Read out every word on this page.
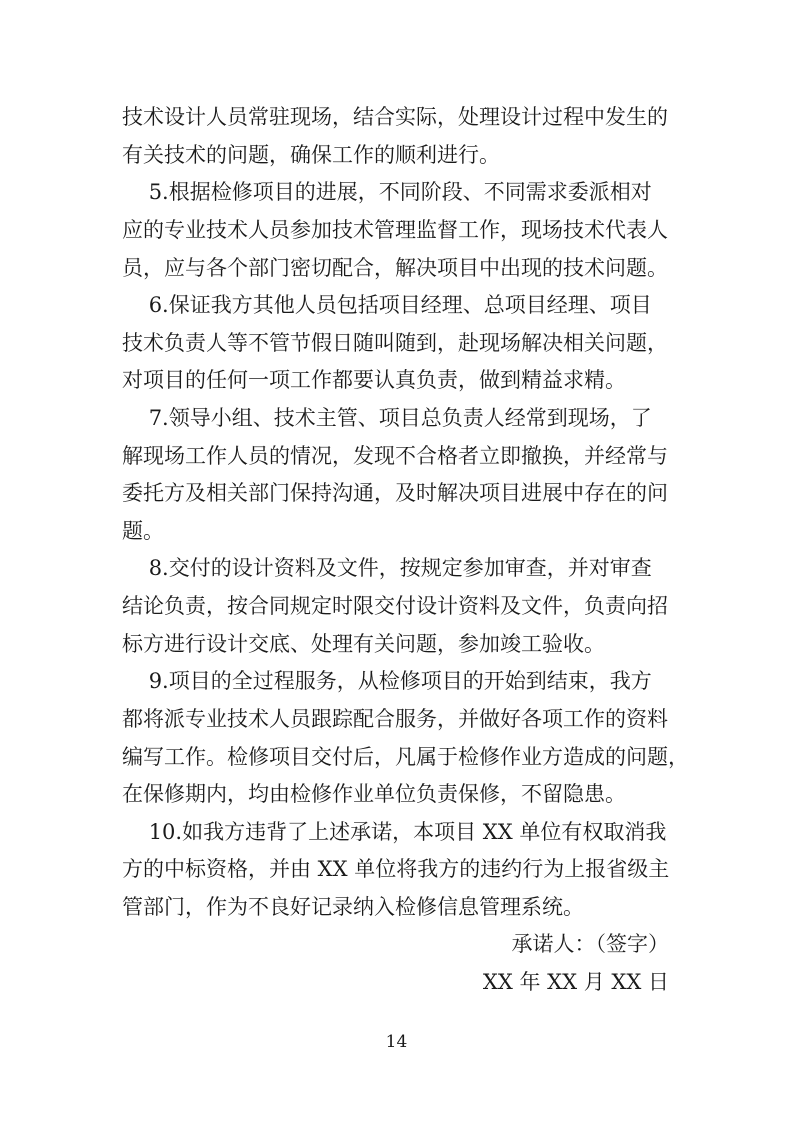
技术设计人员常驻现场，结合实际，处理设计过程中发生的
有关技术的问题，确保工作的顺利进行。
5.根据检修项目的进展，不同阶段、不同需求委派相对
应的专业技术人员参加技术管理监督工作，现场技术代表人
员，应与各个部门密切配合，解决项目中出现的技术问题。
6.保证我方其他人员包括项目经理、总项目经理、项目
技术负责人等不管节假日随叫随到，赴现场解决相关问题，
对项目的任何一项工作都要认真负责，做到精益求精。
7.领导小组、技术主管、项目总负责人经常到现场，了
解现场工作人员的情况，发现不合格者立即撤换，并经常与
委托方及相关部门保持沟通，及时解决项目进展中存在的问
题。
8.交付的设计资料及文件，按规定参加审查，并对审查
结论负责，按合同规定时限交付设计资料及文件，负责向招
标方进行设计交底、处理有关问题，参加竣工验收。
9.项目的全过程服务，从检修项目的开始到结束，我方
都将派专业技术人员跟踪配合服务，并做好各项工作的资料
编写工作。检修项目交付后，凡属于检修作业方造成的问题，
在保修期内，均由检修作业单位负责保修，不留隐患。
10.如我方违背了上述承诺，本项目 XX 单位有权取消我
方的中标资格，并由 XX 单位将我方的违约行为上报省级主
管部门，作为不良好记录纳入检修信息管理系统。
承诺人：（签字）
XX 年 XX 月 XX 日
14
